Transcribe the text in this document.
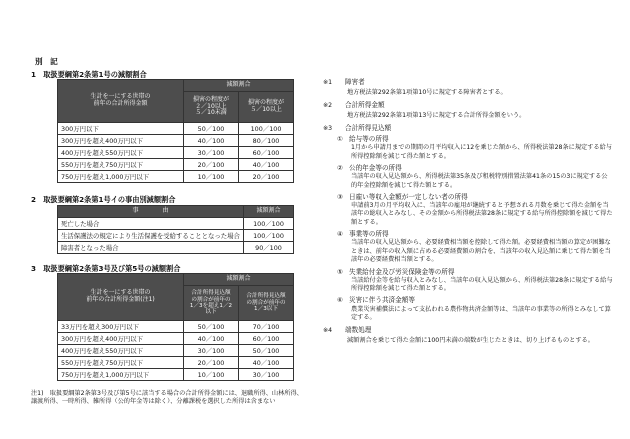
別　記
1　取扱要綱第2条第1号の減額割合
生計を一にする世帯の
前年の合計所得金額	減額割合	
	損害の程度が
２／10以上
５／10未満	損害の程度が
５／10以上
300万円以下	50／100	100／100
300万円を超え400万円以下	40／100	80／100
400万円を超え550万円以下	30／100	60／100
550万円を超え750万円以下	20／100	40／100
750万円を超え1,000万円以下	10／100	20／100
2　取扱要綱第2条第1号イの事由別減額割合
事　　　　由	減額割合
死亡した場合	100／100
生活保護法の規定により生活保護を受給することとなった場合	100／100
障害者となった場合	90／100
3　取扱要綱第2条第3号及び第5号の減額割合
生計を一にする世帯の
前年の合計所得金額(注1)	減額割合	
	合計所得見込額
の割合が前年の
1／3を超え1／2
以下	合計所得見込額
の割合が前年の
1／3以下
33万円を超え300万円以下	50／100	70／100
300万円を超え400万円以下	40／100	60／100
400万円を超え550万円以下	30／100	50／100
550万円を超え750万円以下	20／100	40／100
750万円を超え1,000万円以下	10／100	30／100
注1)　取扱要綱第2条第3号及び第5号に該当する場合の合計所得金額には、退職所得、山林所得、譲渡所得、一時所得、雑所得（公的年金等は除く）、分離課税を選択した所得は含まない
※1 障害者
地方税法第292条第1項第10号に規定する障害者とする。
※2 合計所得金額
地方税法第292条第1項第13号に規定する合計所得金額をいう。
※3 合計所得見込額
① 給与等の所得
1月から申請月までの期間の月平均収入に12を乗じた額から、所得税法第28条に規定する給与所得控除額を減じて得た額とする。
② 公的年金等の所得
当該年の収入見込額から、所得税法第35条及び租税特別措置法第41条の15の3に規定する公的年金控除額を減じて得た額とする。
③ 日雇い等収入金額が一定しない者の所得
申請前3月の月平均収入に、当該年の雇用が継続すると予想される月数を乗じて得た金額を当該年の総収入とみなし、その金額から所得税法第28条に規定する給与所得控除額を減じて得た額とする。
④ 事業等の所得
当該年の収入見込額から、必要経費相当額を控除して得た額。必要経費相当額の算定が困難なときは、前年の収入額に占める必要経費額の割合を、当該年の収入見込額に乗じて得た額を当該年の必要経費相当額とする。
⑤ 失業給付金及び労災保険金等の所得
当該給付金等を給与収入とみなし、当該年の収入見込額から、所得税法第28条に規定する給与所得控除額を減じて得た額とする。
⑥ 災害に伴う共済金額等
農業災害補償法によって支払われる農作物共済金額等は、当該年の事業等の所得とみなして算定する。
※4 端数処理
減額割合を乗じて得た金額に100円未満の端数が生じたときは、切り上げるものとする。
